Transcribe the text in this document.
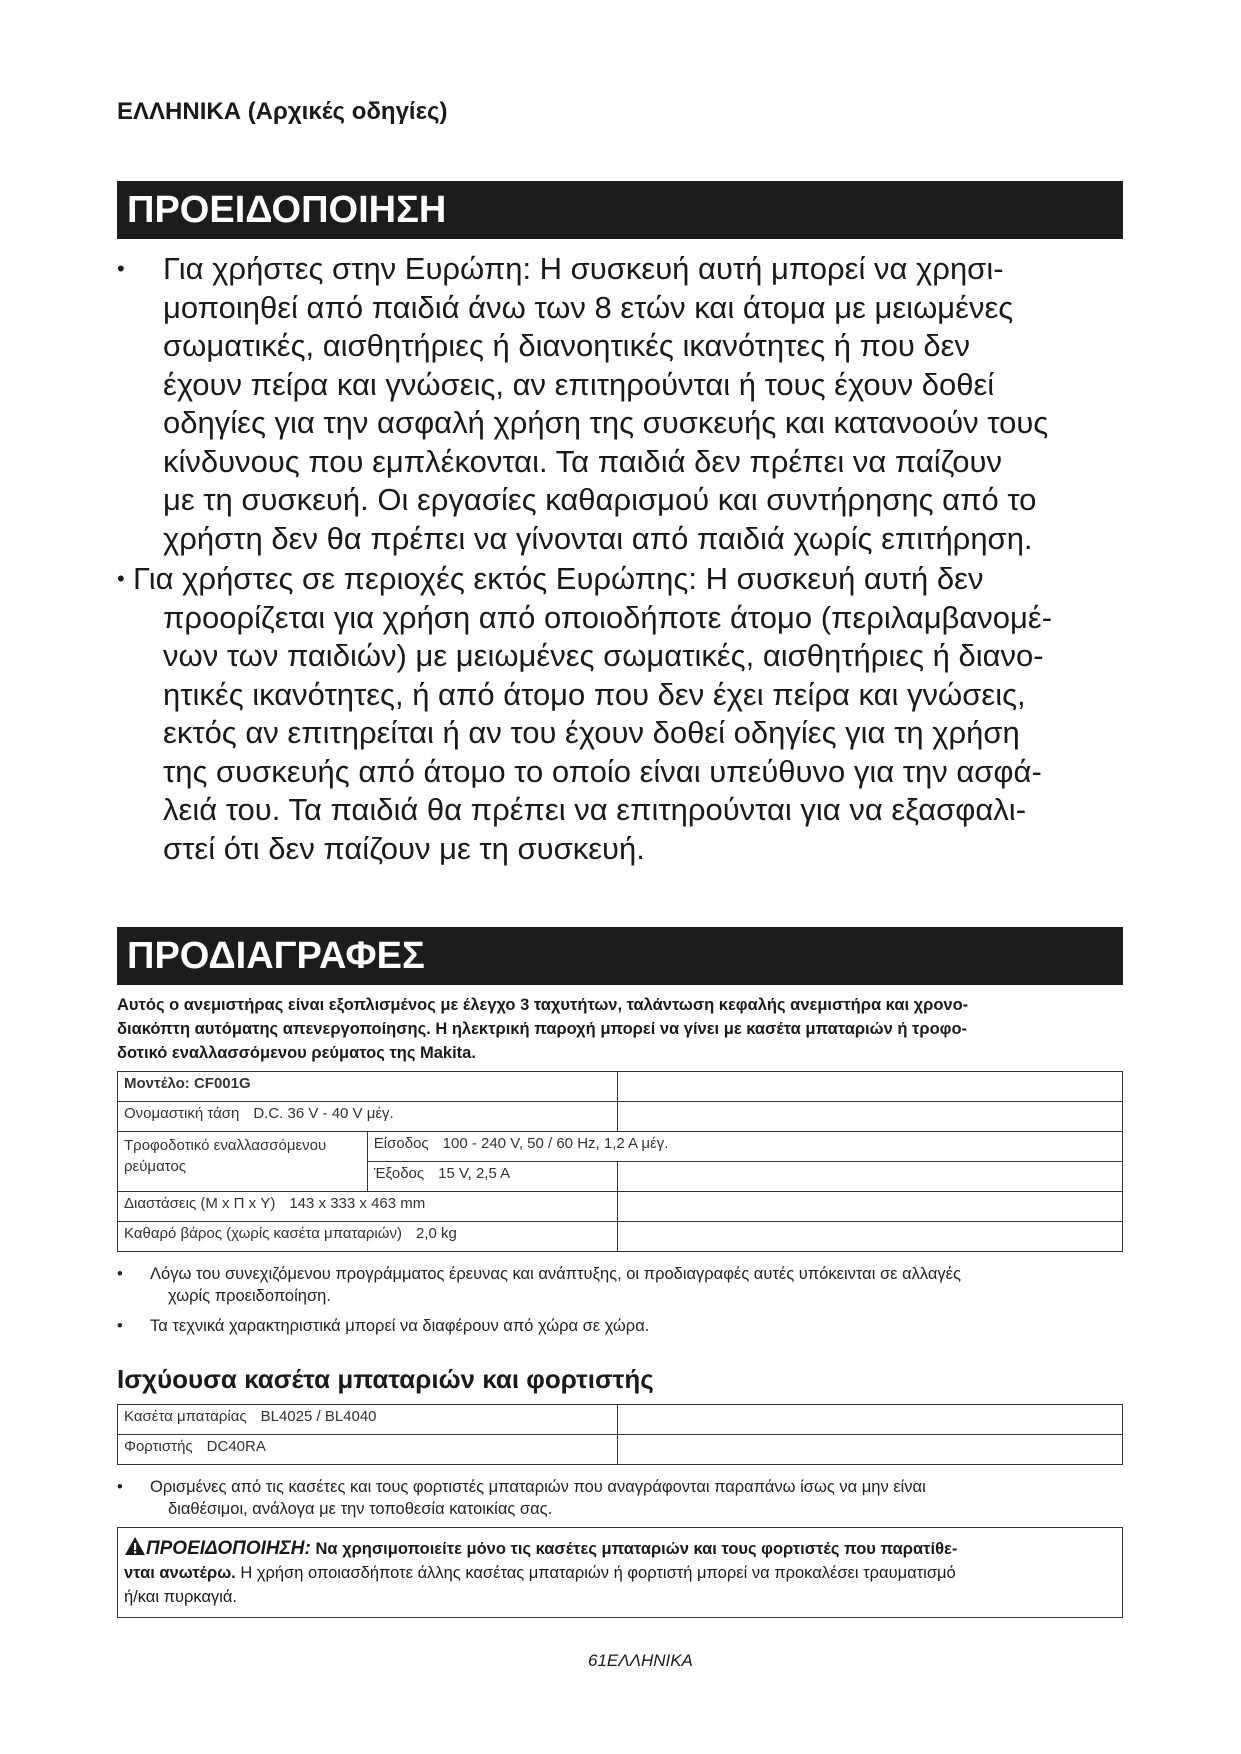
ΕΛΛΗΝΙΚΑ (Αρχικές οδηγίες)
ΠΡΟΕΙΔΟΠΟΙΗΣΗ
• Για χρήστες στην Ευρώπη: Η συσκευή αυτή μπορεί να χρησι-
μοποιηθεί από παιδιά άνω των 8 ετών και άτομα με μειωμένες
σωματικές, αισθητήριες ή διανοητικές ικανότητες ή που δεν
έχουν πείρα και γνώσεις, αν επιτηρούνται ή τους έχουν δοθεί
οδηγίες για την ασφαλή χρήση της συσκευής και κατανοούν τους
κίνδυνους που εμπλέκονται. Τα παιδιά δεν πρέπει να παίζουν
με τη συσκευή. Οι εργασίες καθαρισμού και συντήρησης από το
χρήστη δεν θα πρέπει να γίνονται από παιδιά χωρίς επιτήρηση.
• Για χρήστες σε περιοχές εκτός Ευρώπης: Η συσκευή αυτή δεν
προορίζεται για χρήση από οποιοδήποτε άτομο (περιλαμβανομέ-
νων των παιδιών) με μειωμένες σωματικές, αισθητήριες ή διανο-
ητικές ικανότητες, ή από άτομο που δεν έχει πείρα και γνώσεις,
εκτός αν επιτηρείται ή αν του έχουν δοθεί οδηγίες για τη χρήση
της συσκευής από άτομο το οποίο είναι υπεύθυνο για την ασφά-
λειά του. Τα παιδιά θα πρέπει να επιτηρούνται για να εξασφαλι-
στεί ότι δεν παίζουν με τη συσκευή.
ΠΡΟΔΙΑΓΡΑΦΕΣ
Αυτός ο ανεμιστήρας είναι εξοπλισμένος με έλεγχο 3 ταχυτήτων, ταλάντωση κεφαλής ανεμιστήρα και χρονο-
διακόπτη αυτόματης απενεργοποίησης. Η ηλεκτρική παροχή μπορεί να γίνει με κασέτα μπαταριών ή τροφο-
δοτικό εναλλασσόμενου ρεύματος της Makita.
Μοντέλο: CF001G		
Ονομαστική τάση D.C. 36 V - 40 V μέγ.		

Τροφοδοτικό εναλλασσόμενου
ρεύματος	Είσοδος 100 - 240 V, 50 / 60 Hz, 1,2 A μέγ.	
	Έξοδος 15 V, 2,5 A	
Διαστάσεις (Μ x Π x Υ) 143 x 333 x 463 mm		
Καθαρό βάρος (χωρίς κασέτα μπαταριών) 2,0 kg		
• Λόγω του συνεχιζόμενου προγράμματος έρευνας και ανάπτυξης, οι προδιαγραφές αυτές υπόκεινται σε αλλαγές
χωρίς προειδοποίηση.
• Τα τεχνικά χαρακτηριστικά μπορεί να διαφέρουν από χώρα σε χώρα.
Ισχύουσα κασέτα μπαταριών και φορτιστής
Κασέτα μπαταρίας BL4025 / BL4040	
Φορτιστής DC40RA	
• Ορισμένες από τις κασέτες και τους φορτιστές μπαταριών που αναγράφονται παραπάνω ίσως να μην είναι
διαθέσιμοι, ανάλογα με την τοποθεσία κατοικίας σας.
ΠΡΟΕΙΔΟΠΟΙΗΣΗ: Να χρησιμοποιείτε μόνο τις κασέτες μπαταριών και τους φορτιστές που παρατίθε-
νται ανωτέρω. Η χρήση οποιασδήποτε άλλης κασέτας μπαταριών ή φορτιστή μπορεί να προκαλέσει τραυματισμό
ή/και πυρκαγιά.
61ΕΛΛΗΝΙΚΑ
